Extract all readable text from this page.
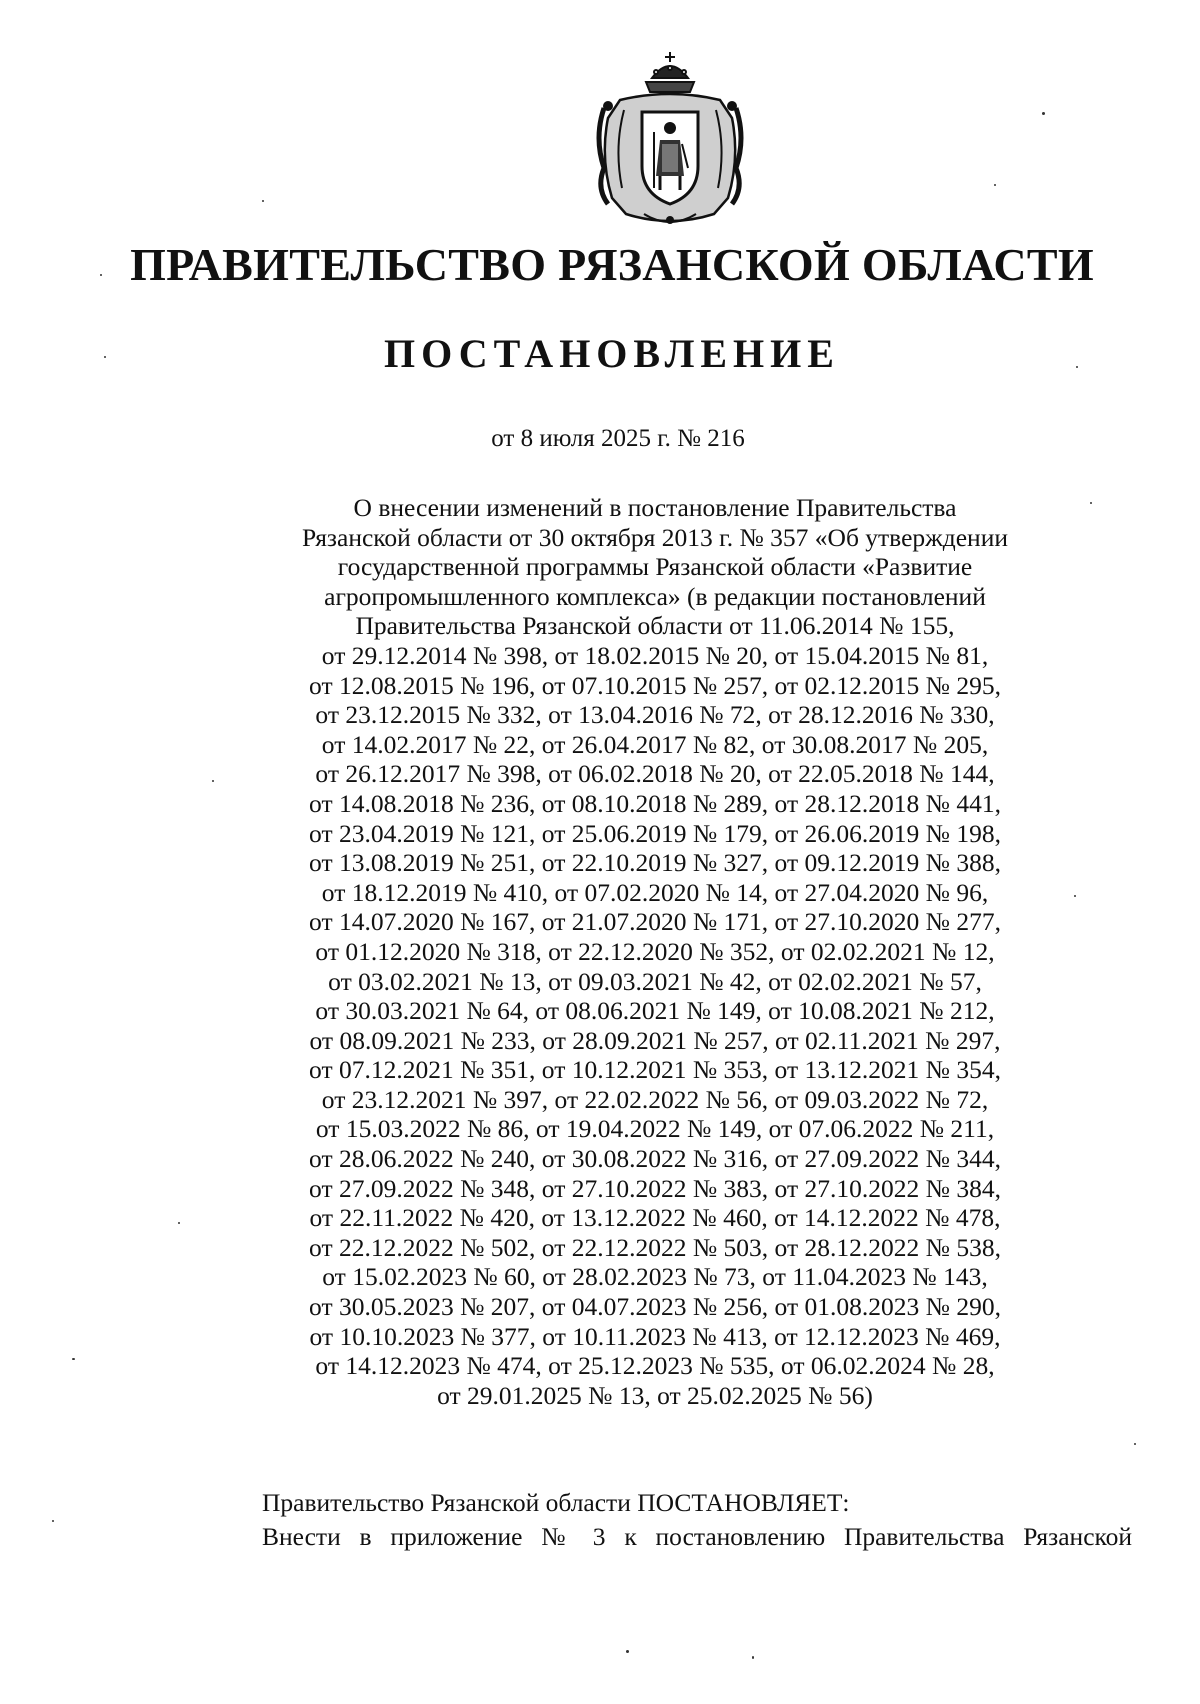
ПРАВИТЕЛЬСТВО РЯЗАНСКОЙ ОБЛАСТИ
ПОСТАНОВЛЕНИЕ
от 8 июля 2025 г. № 216
О внесении изменений в постановление Правительства
Рязанской области от 30 октября 2013 г. № 357 «Об утверждении
государственной программы Рязанской области «Развитие
агропромышленного комплекса» (в редакции постановлений
Правительства Рязанской области от 11.06.2014 № 155,
от 29.12.2014 № 398, от 18.02.2015 № 20, от 15.04.2015 № 81,
от 12.08.2015 № 196, от 07.10.2015 № 257, от 02.12.2015 № 295,
от 23.12.2015 № 332, от 13.04.2016 № 72, от 28.12.2016 № 330,
от 14.02.2017 № 22, от 26.04.2017 № 82, от 30.08.2017 № 205,
от 26.12.2017 № 398, от 06.02.2018 № 20, от 22.05.2018 № 144,
от 14.08.2018 № 236, от 08.10.2018 № 289, от 28.12.2018 № 441,
от 23.04.2019 № 121, от 25.06.2019 № 179, от 26.06.2019 № 198,
от 13.08.2019 № 251, от 22.10.2019 № 327, от 09.12.2019 № 388,
от 18.12.2019 № 410, от 07.02.2020 № 14, от 27.04.2020 № 96,
от 14.07.2020 № 167, от 21.07.2020 № 171, от 27.10.2020 № 277,
от 01.12.2020 № 318, от 22.12.2020 № 352, от 02.02.2021 № 12,
от 03.02.2021 № 13, от 09.03.2021 № 42, от 02.02.2021 № 57,
от 30.03.2021 № 64, от 08.06.2021 № 149, от 10.08.2021 № 212,
от 08.09.2021 № 233, от 28.09.2021 № 257, от 02.11.2021 № 297,
от 07.12.2021 № 351, от 10.12.2021 № 353, от 13.12.2021 № 354,
от 23.12.2021 № 397, от 22.02.2022 № 56, от 09.03.2022 № 72,
от 15.03.2022 № 86, от 19.04.2022 № 149, от 07.06.2022 № 211,
от 28.06.2022 № 240, от 30.08.2022 № 316, от 27.09.2022 № 344,
от 27.09.2022 № 348, от 27.10.2022 № 383, от 27.10.2022 № 384,
от 22.11.2022 № 420, от 13.12.2022 № 460, от 14.12.2022 № 478,
от 22.12.2022 № 502, от 22.12.2022 № 503, от 28.12.2022 № 538,
от 15.02.2023 № 60, от 28.02.2023 № 73, от 11.04.2023 № 143,
от 30.05.2023 № 207, от 04.07.2023 № 256, от 01.08.2023 № 290,
от 10.10.2023 № 377, от 10.11.2023 № 413, от 12.12.2023 № 469,
от 14.12.2023 № 474, от 25.12.2023 № 535, от 06.02.2024 № 28,
от 29.01.2025 № 13, от 25.02.2025 № 56)
Правительство Рязанской области ПОСТАНОВЛЯЕТ:
Внести в приложение № 3 к постановлению Правительства Рязанской
